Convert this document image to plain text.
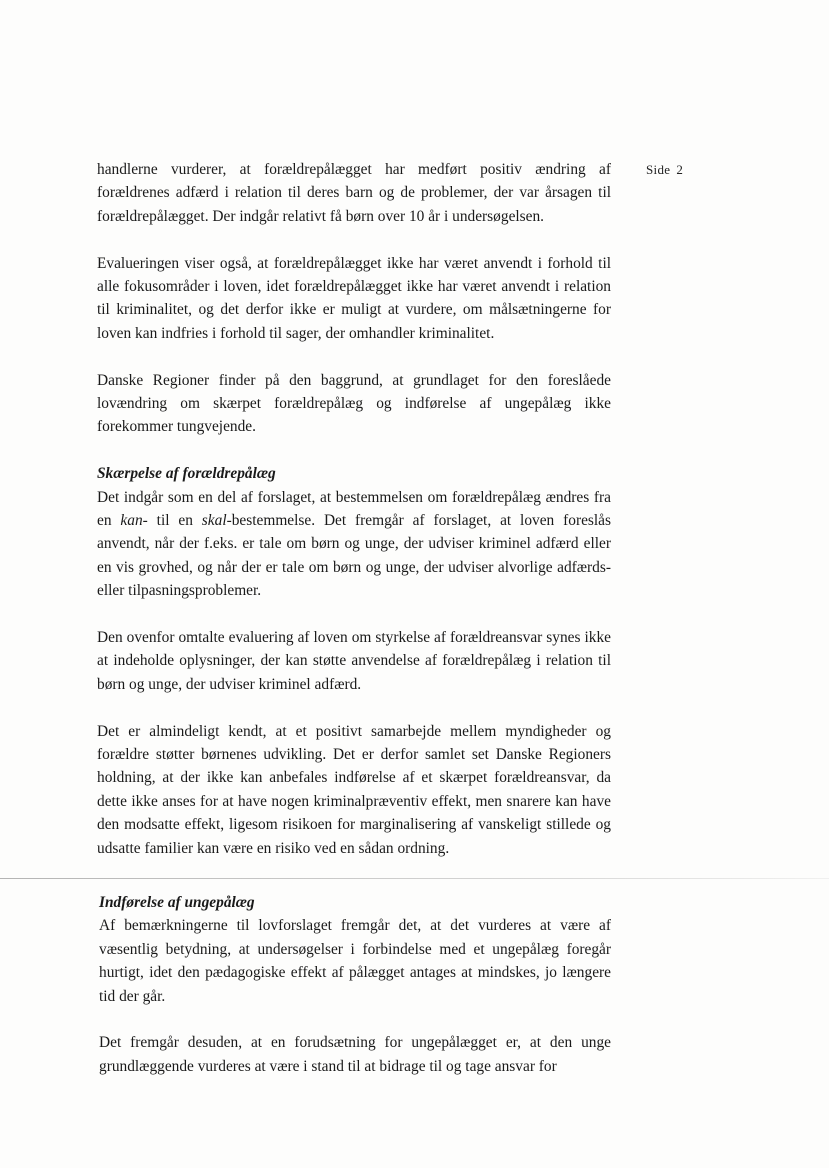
Side 2

handlerne vurderer, at forældrepålægget har medført positiv ændring af forældrenes adfærd i relation til deres barn og de problemer, der var årsagen til forældrepålægget. Der indgår relativt få børn over 10 år i undersøgelsen.

Evalueringen viser også, at forældrepålægget ikke har været anvendt i forhold til alle fokusområder i loven, idet forældrepålægget ikke har været anvendt i relation til kriminalitet, og det derfor ikke er muligt at vurdere, om målsætningerne for loven kan indfries i forhold til sager, der omhandler kriminalitet.

Danske Regioner finder på den baggrund, at grundlaget for den foreslåede lovændring om skærpet forældrepålæg og indførelse af ungepålæg ikke forekommer tungvejende.

Skærpelse af forældrepålæg

Det indgår som en del af forslaget, at bestemmelsen om forældrepålæg ændres fra en kan- til en skal-bestemmelse. Det fremgår af forslaget, at loven foreslås anvendt, når der f.eks. er tale om børn og unge, der udviser kriminel adfærd eller en vis grovhed, og når der er tale om børn og unge, der udviser alvorlige adfærds- eller tilpasningsproblemer.

Den ovenfor omtalte evaluering af loven om styrkelse af forældreansvar synes ikke at indeholde oplysninger, der kan støtte anvendelse af forældrepålæg i relation til børn og unge, der udviser kriminel adfærd.

Det er almindeligt kendt, at et positivt samarbejde mellem myndigheder og forældre støtter børnenes udvikling. Det er derfor samlet set Danske Regioners holdning, at der ikke kan anbefales indførelse af et skærpet forældreansvar, da dette ikke anses for at have nogen kriminalpræventiv effekt, men snarere kan have den modsatte effekt, ligesom risikoen for marginalisering af vanskeligt stillede og udsatte familier kan være en risiko ved en sådan ordning.

Indførelse af ungepålæg

Af bemærkningerne til lovforslaget fremgår det, at det vurderes at være af væsentlig betydning, at undersøgelser i forbindelse med et ungepålæg foregår hurtigt, idet den pædagogiske effekt af pålægget antages at mindskes, jo længere tid der går.

Det fremgår desuden, at en forudsætning for ungepålægget er, at den unge grundlæggende vurderes at være i stand til at bidrage til og tage ansvar for
